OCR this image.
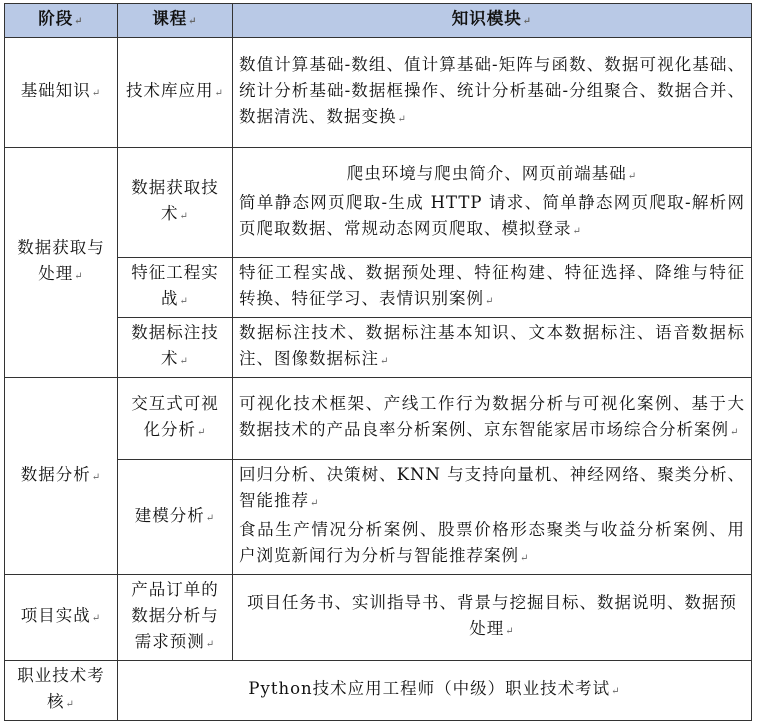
阶段 ↵	课程 ↵	知识模块 ↵
基础知识 ↵	技术库应用 ↵	数值计算基础-数组、值计算基础-矩阵与函数、数据可视化基础、统计分析基础-数据框操作、统计分析基础-分组聚合、数据合并、数据清洗、数据变换 ↵
数据获取与处理 ↵	数据获取技术 ↵	爬虫环境与爬虫简介、网页前端基础 ↵
简单静态网页爬取-生成 HTTP 请求、简单静态网页爬取-解析网页爬取数据、常规动态网页爬取、模拟登录 ↵

	特征工程实战 ↵	特征工程实战、数据预处理、特征构建、特征选择、降维与特征转换、特征学习、表情识别案例 ↵
	数据标注技术 ↵	数据标注技术、数据标注基本知识、文本数据标注、语音数据标注、图像数据标注 ↵
数据分析 ↵	交互式可视化分析 ↵	可视化技术框架、产线工作行为数据分析与可视化案例、基于大数据技术的产品良率分析案例、京东智能家居市场综合分析案例 ↵
	建模分析 ↵	回归分析、决策树、KNN 与支持向量机、神经网络、聚类分析、智能推荐 ↵
食品生产情况分析案例、股票价格形态聚类与收益分析案例、用户浏览新闻行为分析与智能推荐案例 ↵

项目实战 ↵	产品订单的数据分析与需求预测 ↵	项目任务书、实训指导书、背景与挖掘目标、数据说明、数据预处理 ↵

职业技术考核 ↵	Python技术应用工程师（中级）职业技术考试 ↵
